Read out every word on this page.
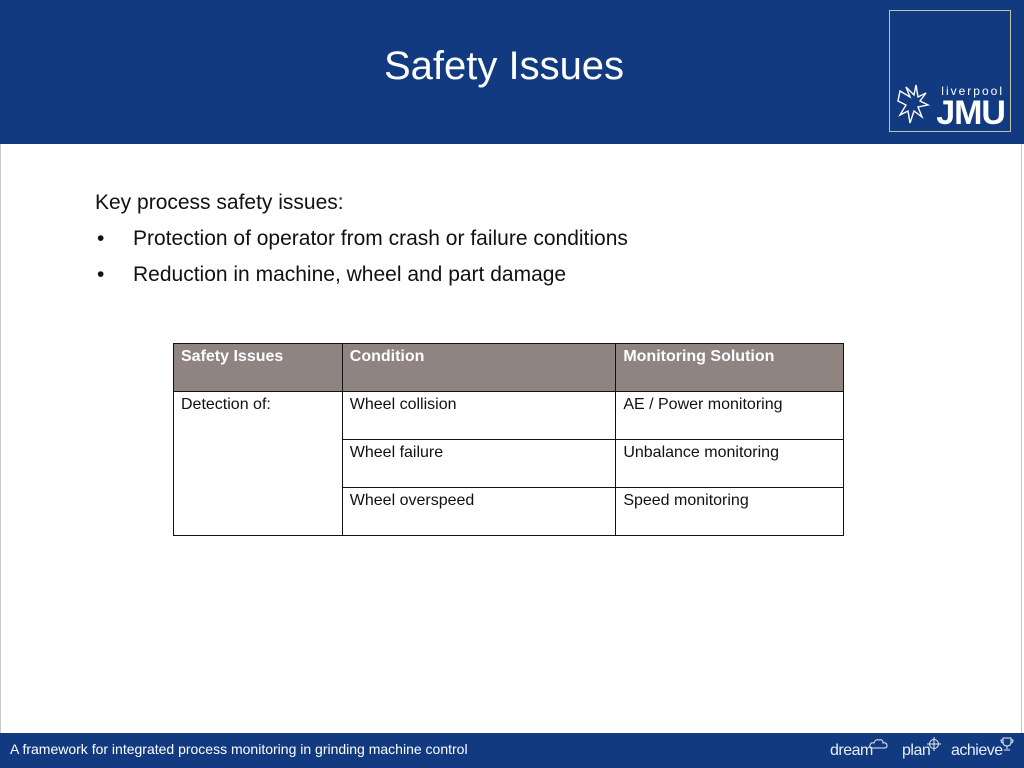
Safety Issues
liverpool
JMU

Key process safety issues:

• Protection of operator from crash or failure conditions
• Reduction in machine, wheel and part damage
Safety Issues	Condition	Monitoring Solution
Detection of:	Wheel collision	AE / Power monitoring
	Wheel failure	Unbalance monitoring
	Wheel overspeed	Speed monitoring
A framework for integrated process monitoring in grinding machine control	dream plan achieve
